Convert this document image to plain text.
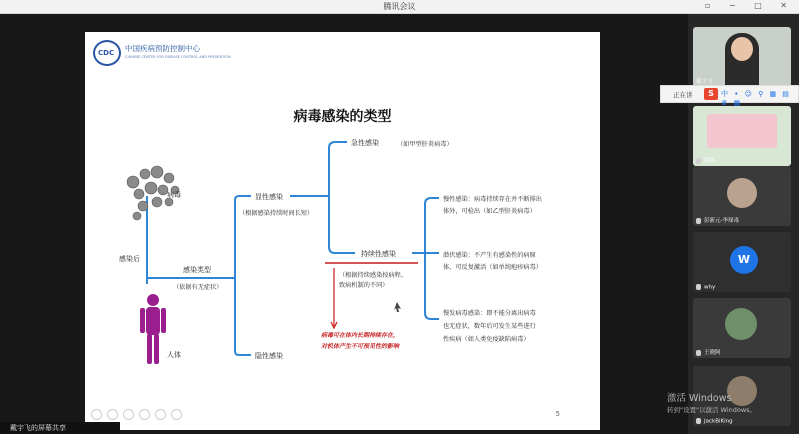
腾讯会议	▫ − □ ✕
CDC 中国疾病预防控制中心
CHINESE CENTER FOR DISEASE CONTROL AND PREVENTION
病毒感染的类型
病毒
感染后
人体
感染类型
（依据有无症状）
显性感染
（根据感染持续时间长短）
急性感染	（如甲型肝炎病毒）
持续性感染
（根据持续感染按病程、
致病机制的不同）
慢性感染：病毒持续存在并不断排出
体外，可检出（如乙型肝炎病毒）
潜伏感染：不产生有感染性的病原
体，可反复激活（如单纯疱疹病毒）
慢发病毒感染：即不能分离出病毒
也无症状，数年后可发生某些进行
性疾病（如人类免疫缺陷病毒）
隐性感染
病毒可在体内长期持续存在，
对机体产生不可预见性的影响
5
戴宇飞
谢桃
彭新元-李琛毒
W
why
王晓阿
JackBiKing
正在讲	S	中 • ☺ ⚲ ▦ ▤ ♛ ▦
激活 Windows
转到"设置"以激活 Windows。
戴宇飞的屏幕共享
